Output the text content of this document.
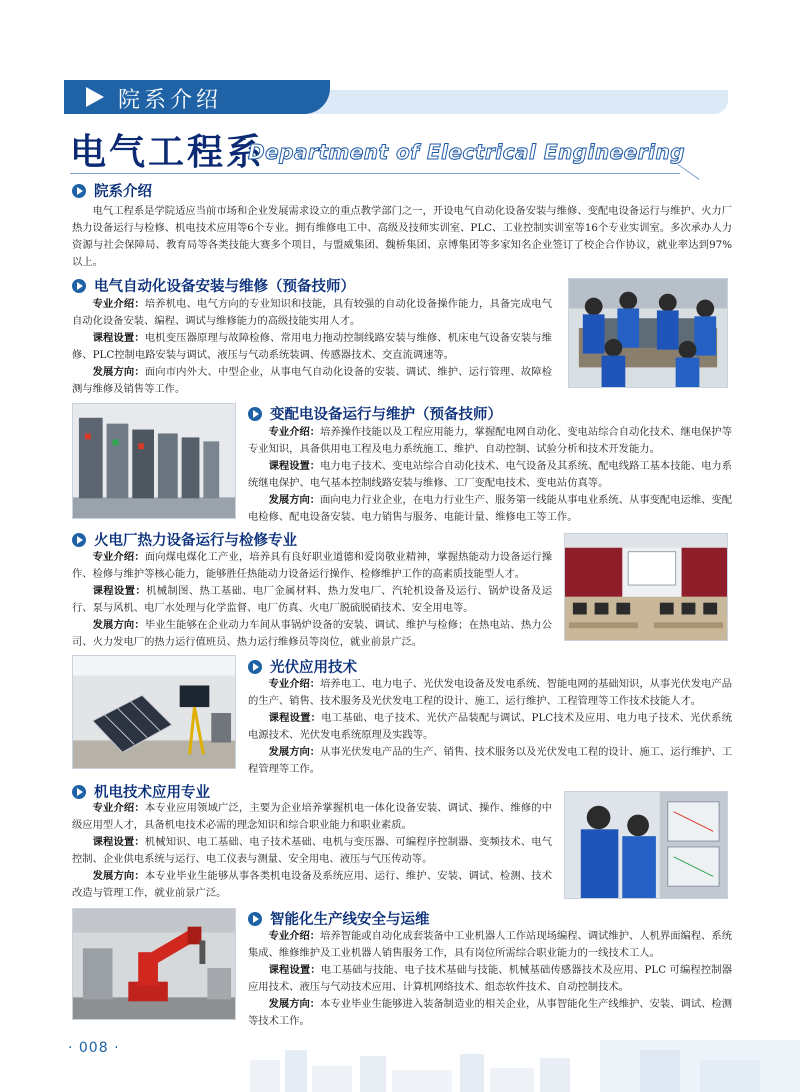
院系介绍
电气工程系
Department of Electrical Engineering
院系介绍

电气工程系是学院适应当前市场和企业发展需求设立的重点教学部门之一，开设电气自动化设备安装与维修、变配电设备运行与维护、火力厂热力设备运行与检修、机电技术应用等6个专业。拥有维修电工中、高级及技师实训室、PLC、工业控制实训室等16个专业实训室。多次承办人力资源与社会保障局、教育局等各类技能大赛多个项目，与盟威集团、魏桥集团、京博集团等多家知名企业签订了校企合作协议，就业率达到97%以上。

电气自动化设备安装与维修（预备技师）

专业介绍：培养机电、电气方向的专业知识和技能，具有较强的自动化设备操作能力，具备完成电气自动化设备安装、编程、调试与维修能力的高级技能实用人才。

课程设置：电机变压器原理与故障检修、常用电力拖动控制线路安装与维修、机床电气设备安装与维修、PLC控制电路安装与调试、液压与气动系统装调、传感器技术、交直流调速等。

发展方向：面向市内外大、中型企业，从事电气自动化设备的安装、调试、维护、运行管理、故障检测与维修及销售等工作。

变配电设备运行与维护（预备技师）

专业介绍：培养操作技能以及工程应用能力，掌握配电网自动化、变电站综合自动化技术、继电保护等专业知识，具备供用电工程及电力系统施工、维护、自动控制、试验分析和技术开发能力。

课程设置：电力电子技术、变电站综合自动化技术、电气设备及其系统、配电线路工基本技能、电力系统继电保护、电气基本控制线路安装与维修、工厂变配电技术、变电站仿真等。

发展方向：面向电力行业企业，在电力行业生产、服务第一线能从事电业系统、从事变配电运维、变配电检修、配电设备安装、电力销售与服务、电能计量、维修电工等工作。

火电厂热力设备运行与检修专业

专业介绍：面向煤电煤化工产业，培养具有良好职业道德和爱岗敬业精神，掌握热能动力设备运行操作、检修与维护等核心能力，能够胜任热能动力设备运行操作、检修维护工作的高素质技能型人才。

课程设置：机械制图、热工基础、电厂金属材料、热力发电厂、汽轮机设备及运行、锅炉设备及运行、泵与风机、电厂水处理与化学监督、电厂仿真、火电厂脱硫脱硝技术、安全用电等。

发展方向：毕业生能够在企业动力车间从事锅炉设备的安装、调试、维护与检修；在热电站、热力公司、火力发电厂的热力运行值班员、热力运行维修员等岗位，就业前景广泛。

光伏应用技术

专业介绍：培养电工、电力电子、光伏发电设备及发电系统、智能电网的基础知识，从事光伏发电产品的生产、销售、技术服务及光伏发电工程的设计、施工、运行维护、工程管理等工作技术技能人才。

课程设置：电工基础、电子技术、光伏产品装配与调试、PLC技术及应用、电力电子技术、光伏系统电源技术、光伏发电系统原理及实践等。

发展方向：从事光伏发电产品的生产、销售、技术服务以及光伏发电工程的设计、施工、运行维护、工程管理等工作。

机电技术应用专业

专业介绍：本专业应用领域广泛，主要为企业培养掌握机电一体化设备安装、调试、操作、维修的中级应用型人才，具备机电技术必需的理念知识和综合职业能力和职业素质。

课程设置：机械知识、电工基础、电子技术基础、电机与变压器、可编程序控制器、变频技术、电气控制、企业供电系统与运行、电工仪表与测量、安全用电、液压与气压传动等。

发展方向：本专业毕业生能够从事各类机电设备及系统应用、运行、维护、安装、调试、检测、技术改造与管理工作，就业前景广泛。

智能化生产线安全与运维

专业介绍：培养智能或自动化成套装备中工业机器人工作站现场编程、调试维护、人机界面编程、系统集成、维修维护及工业机器人销售服务工作，具有岗位所需综合职业能力的一线技术工人。

课程设置：电工基础与技能、电子技术基础与技能、机械基础传感器技术及应用、PLC 可编程控制器应用技术、液压与气动技术应用、计算机网络技术、组态软件技术、自动控制技术。

发展方向：本专业毕业生能够进入装备制造业的相关企业，从事智能化生产线维护、安装、调试、检测等技术工作。

· 008 ·
